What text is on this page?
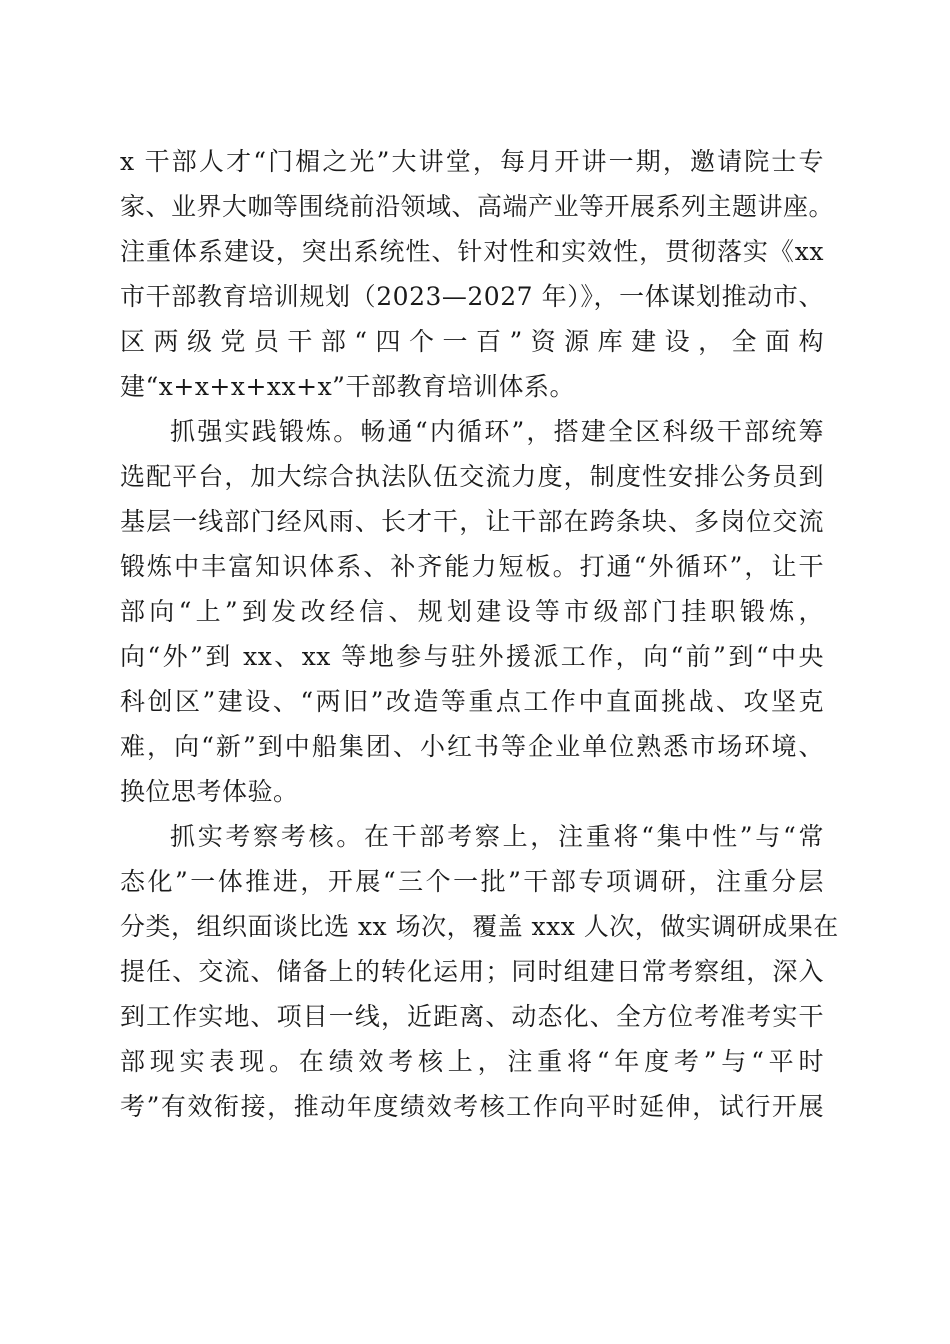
x 干部人才“门楣之光”大讲堂，每月开讲一期，邀请院士专
家、业界大咖等围绕前沿领域、高端产业等开展系列主题讲座。
注重体系建设，突出系统性、针对性和实效性，贯彻落实《xx
市干部教育培训规划（2023—2027 年）》，一体谋划推动市、
区两级党员干部“四个一百”资源库建设，全面构
建“x+x+x+xx+x”干部教育培训体系。
抓强实践锻炼。畅通“内循环”，搭建全区科级干部统筹
选配平台，加大综合执法队伍交流力度，制度性安排公务员到
基层一线部门经风雨、长才干，让干部在跨条块、多岗位交流
锻炼中丰富知识体系、补齐能力短板。打通“外循环”，让干
部向“上”到发改经信、规划建设等市级部门挂职锻炼，
向“外”到 xx、xx 等地参与驻外援派工作，向“前”到“中央
科创区”建设、“两旧”改造等重点工作中直面挑战、攻坚克
难，向“新”到中船集团、小红书等企业单位熟悉市场环境、
换位思考体验。
抓实考察考核。在干部考察上，注重将“集中性”与“常
态化”一体推进，开展“三个一批”干部专项调研，注重分层
分类，组织面谈比选 xx 场次，覆盖 xxx 人次，做实调研成果在
提任、交流、储备上的转化运用；同时组建日常考察组，深入
到工作实地、项目一线，近距离、动态化、全方位考准考实干
部现实表现。在绩效考核上，注重将“年度考”与“平时
考”有效衔接，推动年度绩效考核工作向平时延伸，试行开展
